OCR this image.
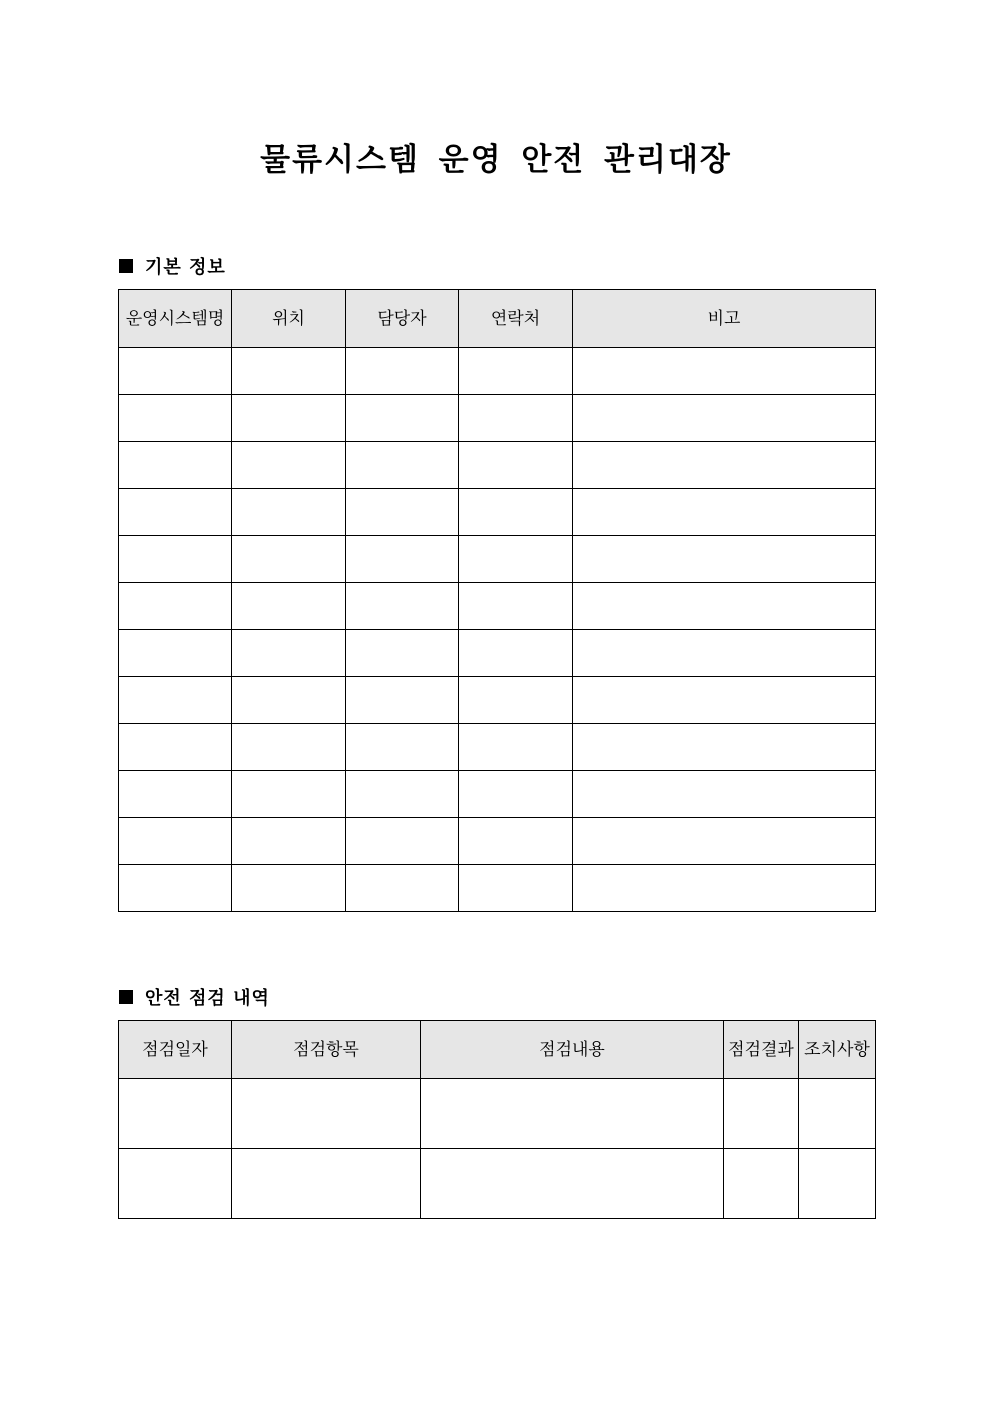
물류시스템 운영 안전 관리대장
기본 정보
운영시스템명	위치	담당자	연락처	비고

안전 점검 내역
점검일자	점검항목	점검내용	점검결과	조치사항
